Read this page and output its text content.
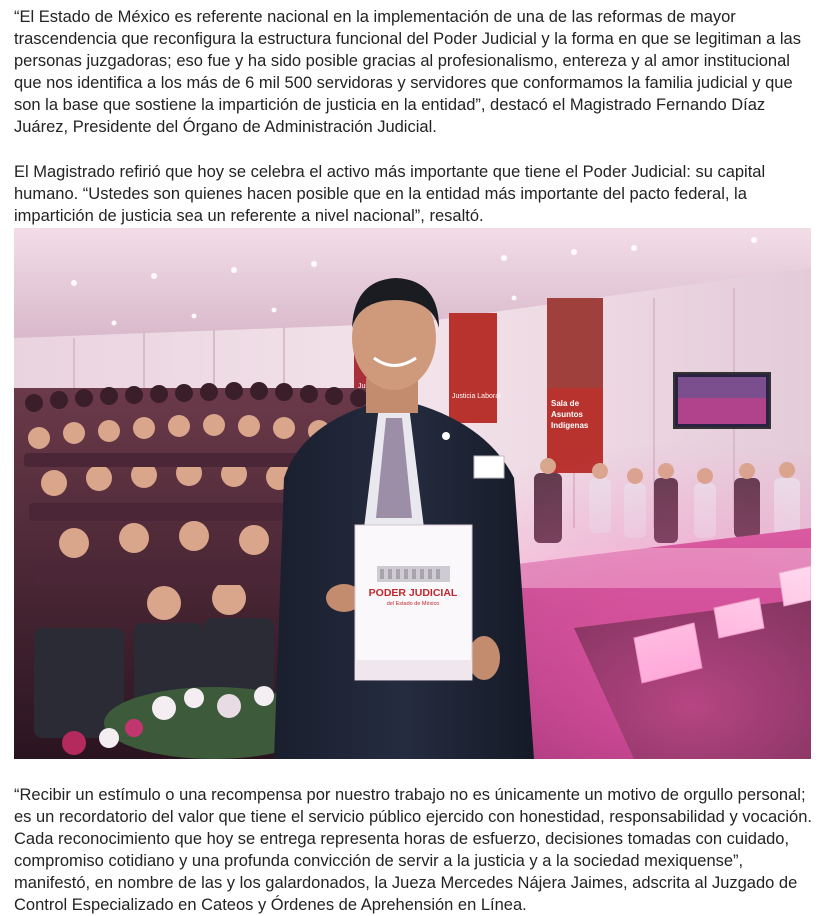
“El Estado de México es referente nacional en la implementación de una de las reformas de mayor trascendencia que reconfigura la estructura funcional del Poder Judicial y la forma en que se legitiman a las personas juzgadoras; eso fue y ha sido posible gracias al profesionalismo, entereza y al amor institucional que nos identifica a los más de 6 mil 500 servidoras y servidores que conformamos la familia judicial y que son la base que sostiene la impartición de justicia en la entidad”, destacó el Magistrado Fernando Díaz Juárez, Presidente del Órgano de Administración Judicial.

El Magistrado refirió que hoy se celebra el activo más importante que tiene el Poder Judicial: su capital humano. “Ustedes son quienes hacen posible que en la entidad más importante del pacto federal, la impartición de justicia sea un referente a nivel nacional”, resaltó.

PODER JUDICIAL
del Estado de México

“Recibir un estímulo o una recompensa por nuestro trabajo no es únicamente un motivo de orgullo personal; es un recordatorio del valor que tiene el servicio público ejercido con honestidad, responsabilidad y vocación. Cada reconocimiento que hoy se entrega representa horas de esfuerzo, decisiones tomadas con cuidado, compromiso cotidiano y una profunda convicción de servir a la justicia y a la sociedad mexiquense”, manifestó, en nombre de las y los galardonados, la Jueza Mercedes Nájera Jaimes, adscrita al Juzgado de Control Especializado en Cateos y Órdenes de Aprehensión en Línea.
